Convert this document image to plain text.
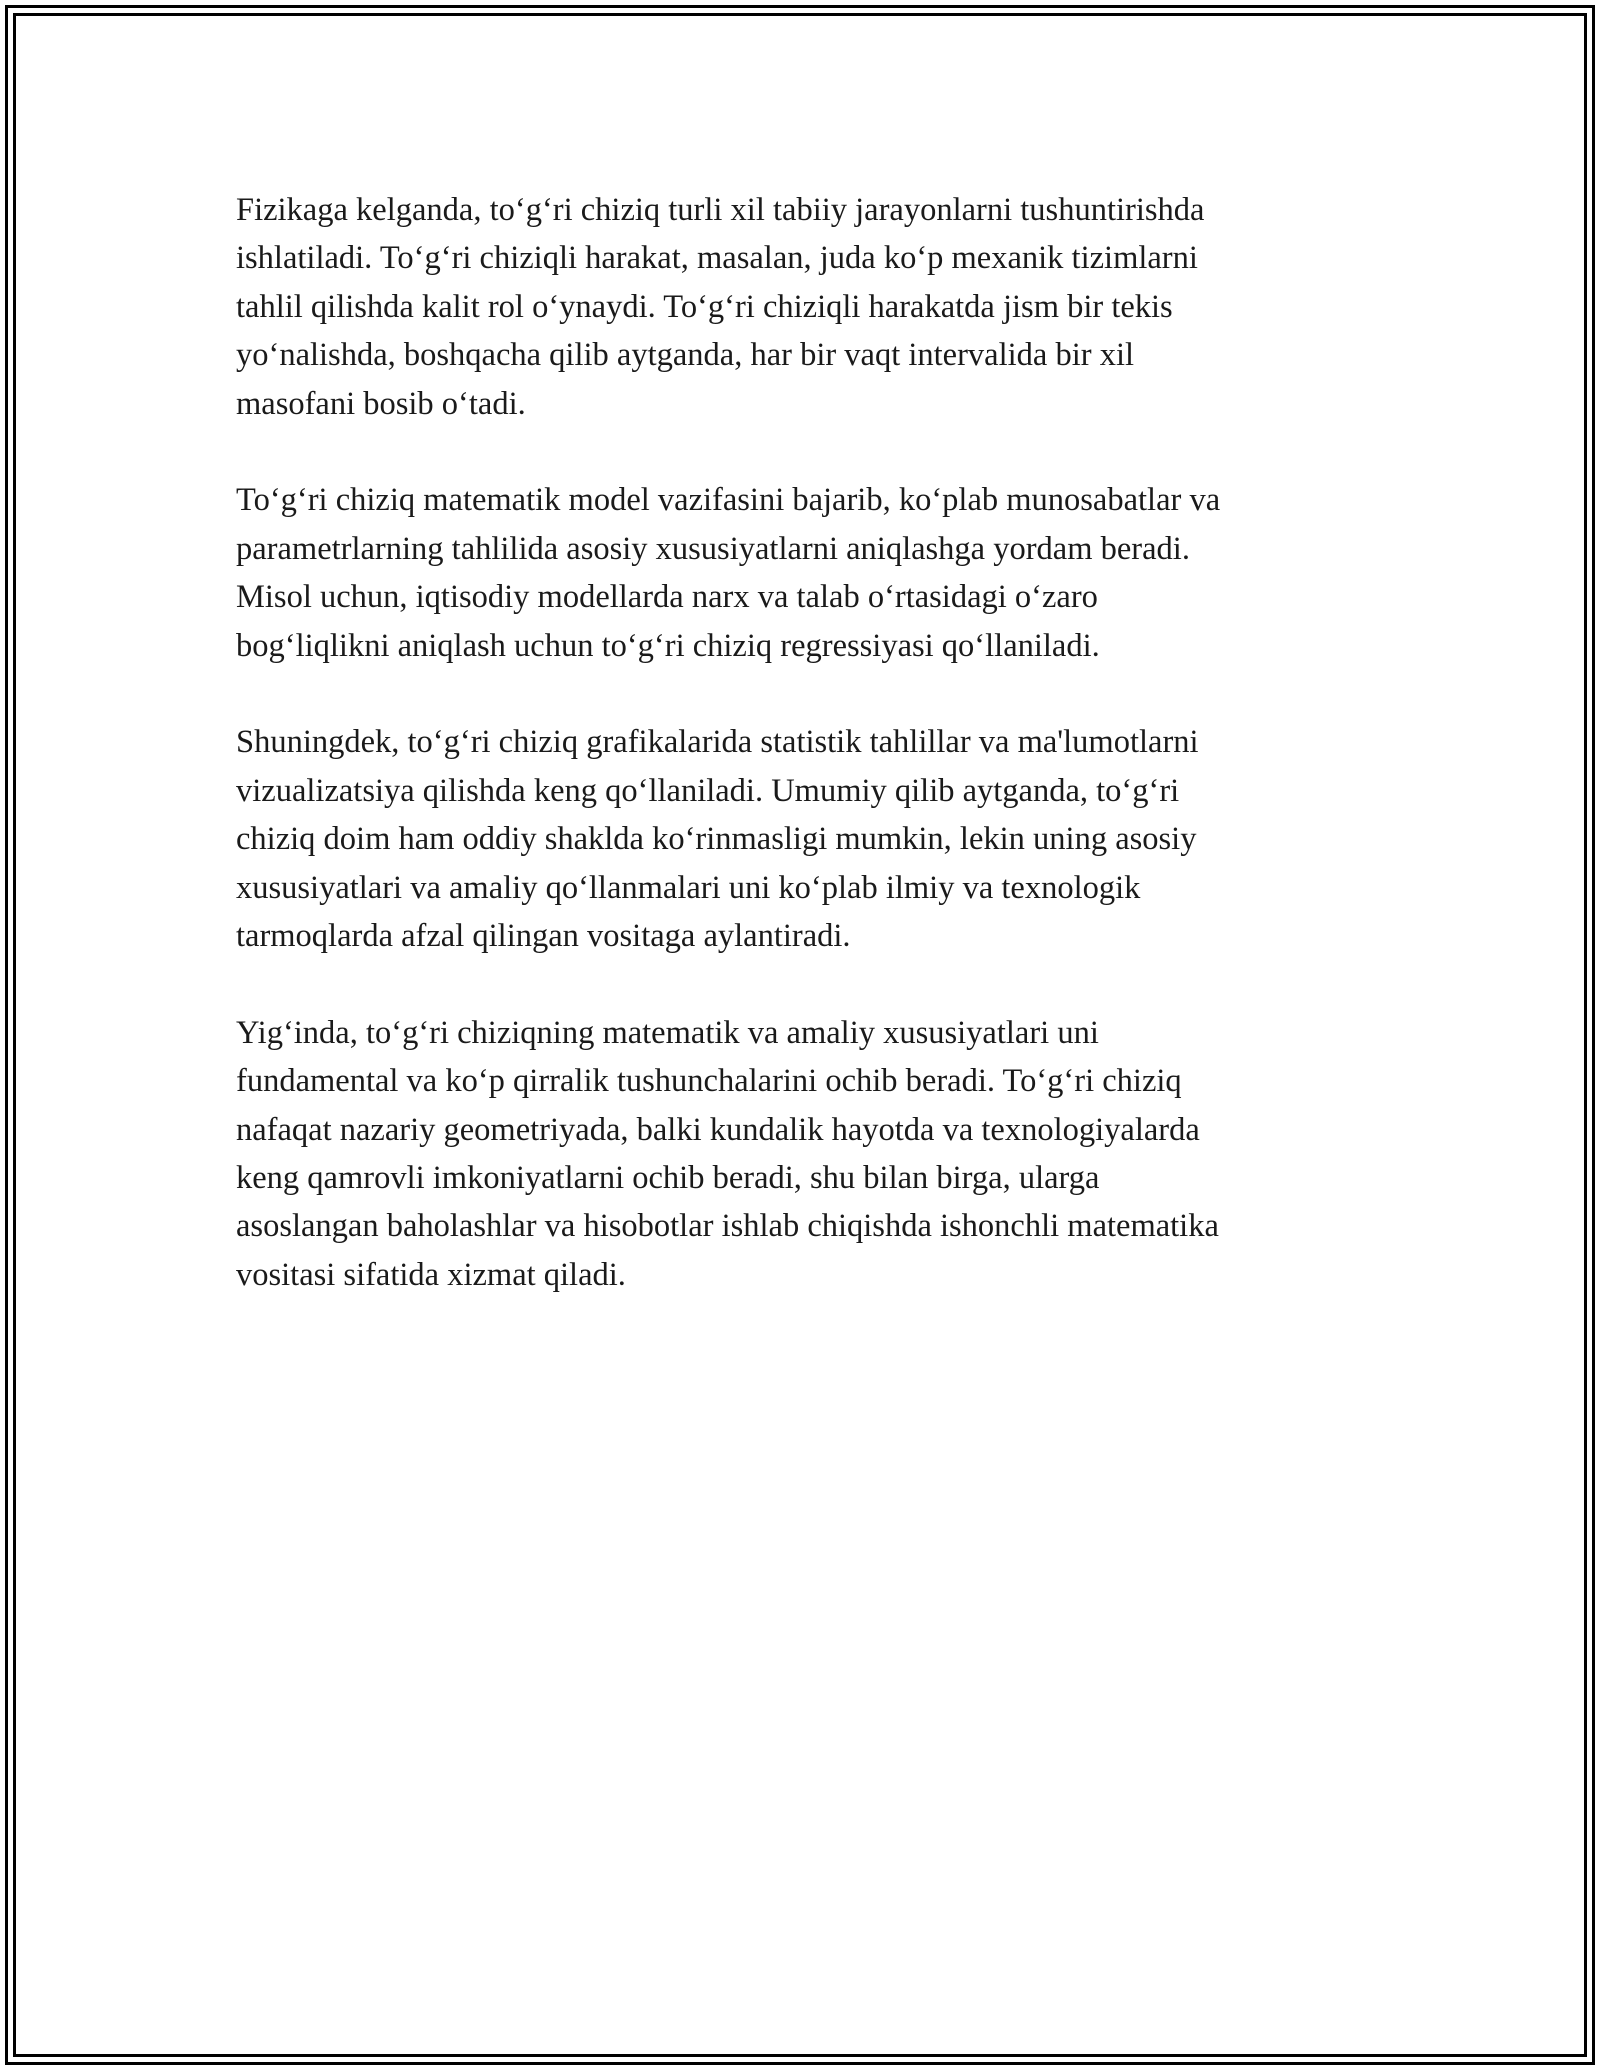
Fizikaga kelganda, to‘g‘ri chiziq turli xil tabiiy jarayonlarni tushuntirishda
ishlatiladi. To‘g‘ri chiziqli harakat, masalan, juda ko‘p mexanik tizimlarni
tahlil qilishda kalit rol o‘ynaydi. To‘g‘ri chiziqli harakatda jism bir tekis
yo‘nalishda, boshqacha qilib aytganda, har bir vaqt intervalida bir xil
masofani bosib o‘tadi.

To‘g‘ri chiziq matematik model vazifasini bajarib, ko‘plab munosabatlar va
parametrlarning tahlilida asosiy xususiyatlarni aniqlashga yordam beradi.
Misol uchun, iqtisodiy modellarda narx va talab o‘rtasidagi o‘zaro
bog‘liqlikni aniqlash uchun to‘g‘ri chiziq regressiyasi qo‘llaniladi.

Shuningdek, to‘g‘ri chiziq grafikalarida statistik tahlillar va ma'lumotlarni
vizualizatsiya qilishda keng qo‘llaniladi. Umumiy qilib aytganda, to‘g‘ri
chiziq doim ham oddiy shaklda ko‘rinmasligi mumkin, lekin uning asosiy
xususiyatlari va amaliy qo‘llanmalari uni ko‘plab ilmiy va texnologik
tarmoqlarda afzal qilingan vositaga aylantiradi.

Yig‘inda, to‘g‘ri chiziqning matematik va amaliy xususiyatlari uni
fundamental va ko‘p qirralik tushunchalarini ochib beradi. To‘g‘ri chiziq
nafaqat nazariy geometriyada, balki kundalik hayotda va texnologiyalarda
keng qamrovli imkoniyatlarni ochib beradi, shu bilan birga, ularga
asoslangan baholashlar va hisobotlar ishlab chiqishda ishonchli matematika
vositasi sifatida xizmat qiladi.
